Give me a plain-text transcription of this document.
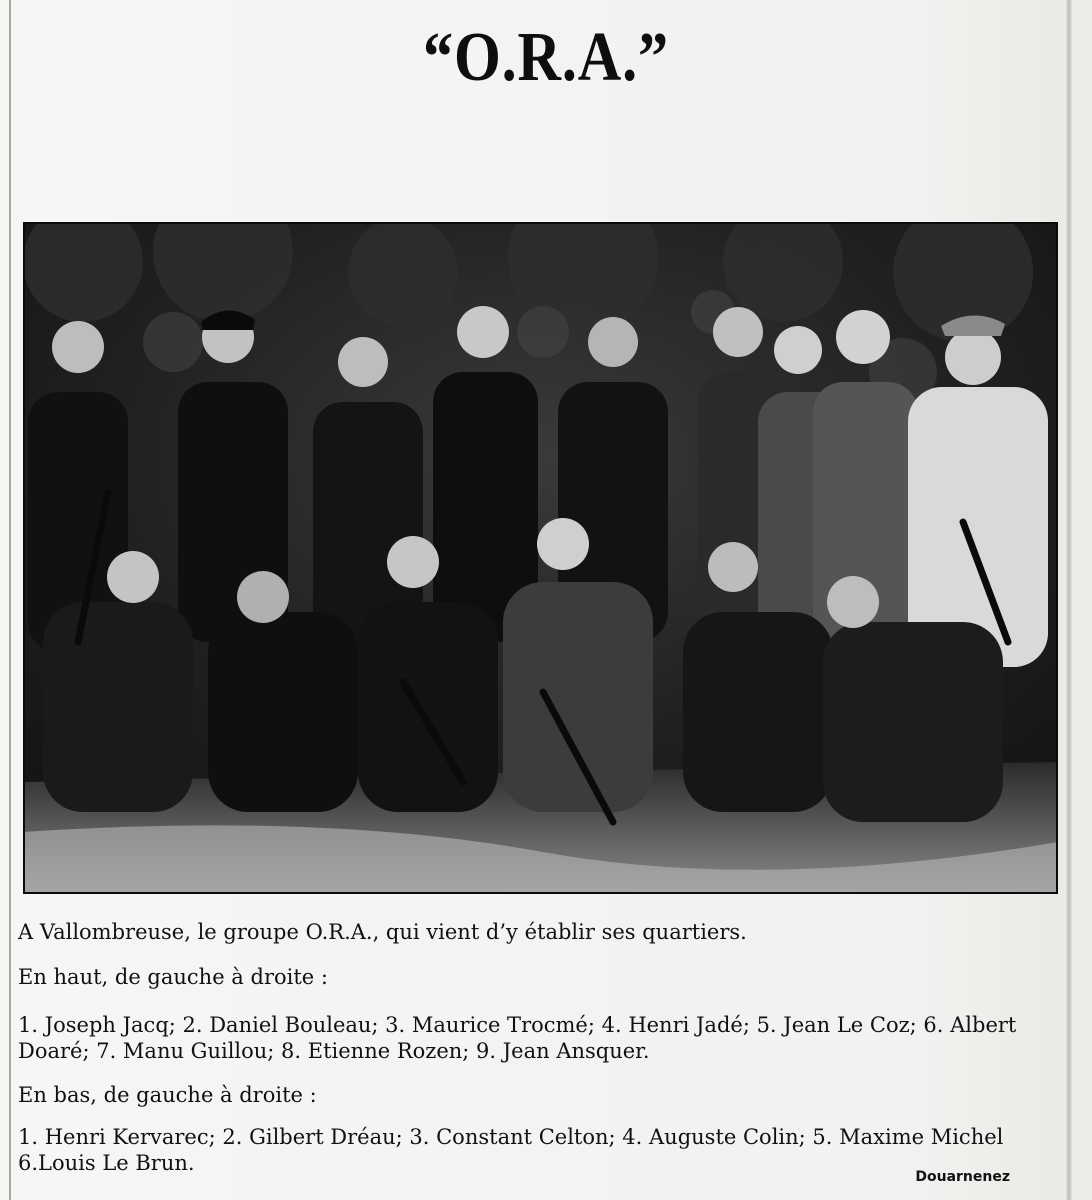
“O.R.A.”
A Vallombreuse, le groupe O.R.A., qui vient d’y établir ses quartiers.
En haut, de gauche à droite :
1. Joseph Jacq; 2. Daniel Bouleau; 3. Maurice Trocmé; 4. Henri Jadé; 5. Jean Le Coz; 6. Albert Doaré; 7. Manu Guillou; 8. Etienne Rozen; 9. Jean Ansquer.
En bas, de gauche à droite :
1. Henri Kervarec; 2. Gilbert Dréau; 3. Constant Celton; 4. Auguste Colin; 5. Maxime Michel 6.Louis Le Brun.
Douarnenez
